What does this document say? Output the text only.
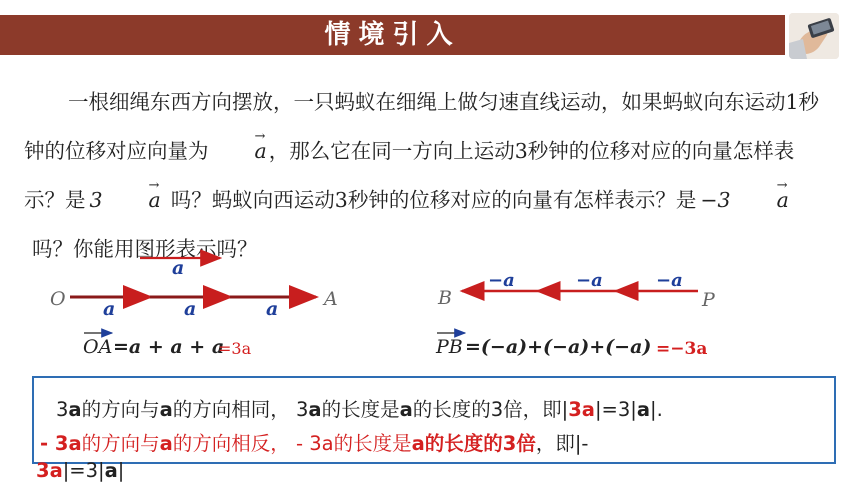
情境引入

一根细绳东西方向摆放，一只蚂蚁在细绳上做匀速直线运动，如果蚂蚁向东运动1秒钟的位移对应向量为 → a，那么它在同一方向上运动3秒钟的位移对应的向量怎样表示？是 3 → a 吗？蚂蚁向西运动3秒钟的位移对应的向量有怎样表示？是 −3 → a吗？你能用图形表示吗？

a
O	A
a	a	a
OA =a + a + a
=3a
B	P
−a	−a	−a
PB =(−a)+(−a)+(−a) =−3a
3a的方向与a的方向相同， 3a的长度是a的长度的3倍，即|3a|=3|a|.
- 3a的方向与a的方向相反， - 3a的长度是a的长度的3倍，即|-
3a|=3|a|
